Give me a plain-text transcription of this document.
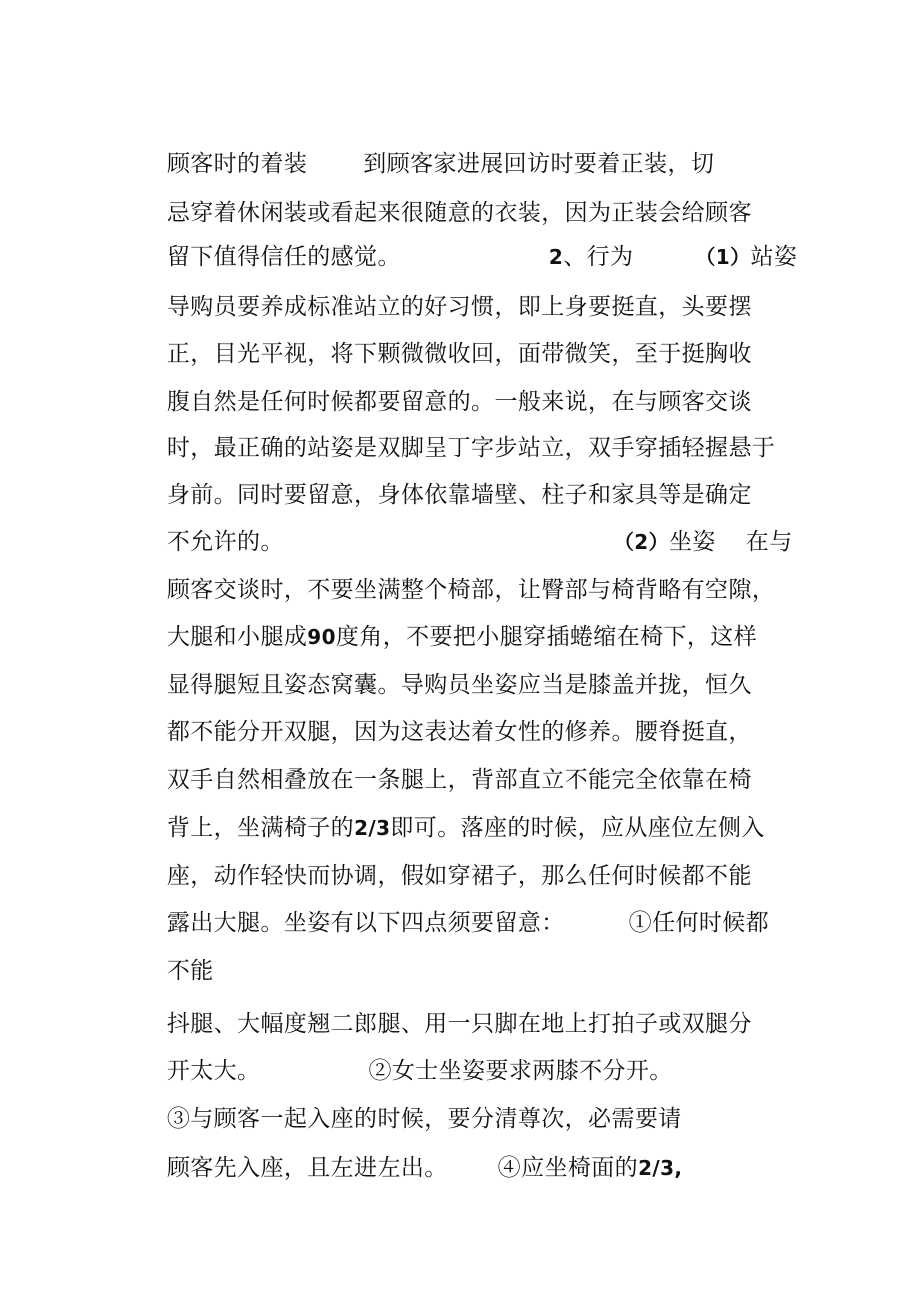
顾客时的着装 到顾客家进展回访时要着正装，切

忌穿着休闲装或看起来很随意的衣装，因为正装会给顾客

留下值得信任的感觉。	2、行为	（1）站姿

导购员要养成标准站立的好习惯，即上身要挺直，头要摆

正，目光平视，将下颗微微收回，面带微笑，至于挺胸收

腹自然是任何时候都要留意的。一般来说，在与顾客交谈

时，最正确的站姿是双脚呈丁字步站立，双手穿插轻握悬于

身前。同时要留意，身体依靠墙壁、柱子和家具等是确定

不允许的。	（2）坐姿 在与

顾客交谈时，不要坐满整个椅部，让臀部与椅背略有空隙，

大腿和小腿成90度角，不要把小腿穿插蜷缩在椅下，这样

显得腿短且姿态窝囊。导购员坐姿应当是膝盖并拢，恒久

都不能分开双腿，因为这表达着女性的修养。腰脊挺直，

双手自然相叠放在一条腿上，背部直立不能完全依靠在椅

背上，坐满椅子的2/3即可。落座的时候，应从座位左侧入

座，动作轻快而协调，假如穿裙子，那么任何时候都不能

露出大腿。坐姿有以下四点须要留意：	①任何时候都

不能

抖腿、大幅度翘二郎腿、用一只脚在地上打拍子或双腿分

开太大。	②女士坐姿要求两膝不分开。

③与顾客一起入座的时候，要分清尊次，必需要请

顾客先入座，且左进左出。 ④应坐椅面的2/3,
